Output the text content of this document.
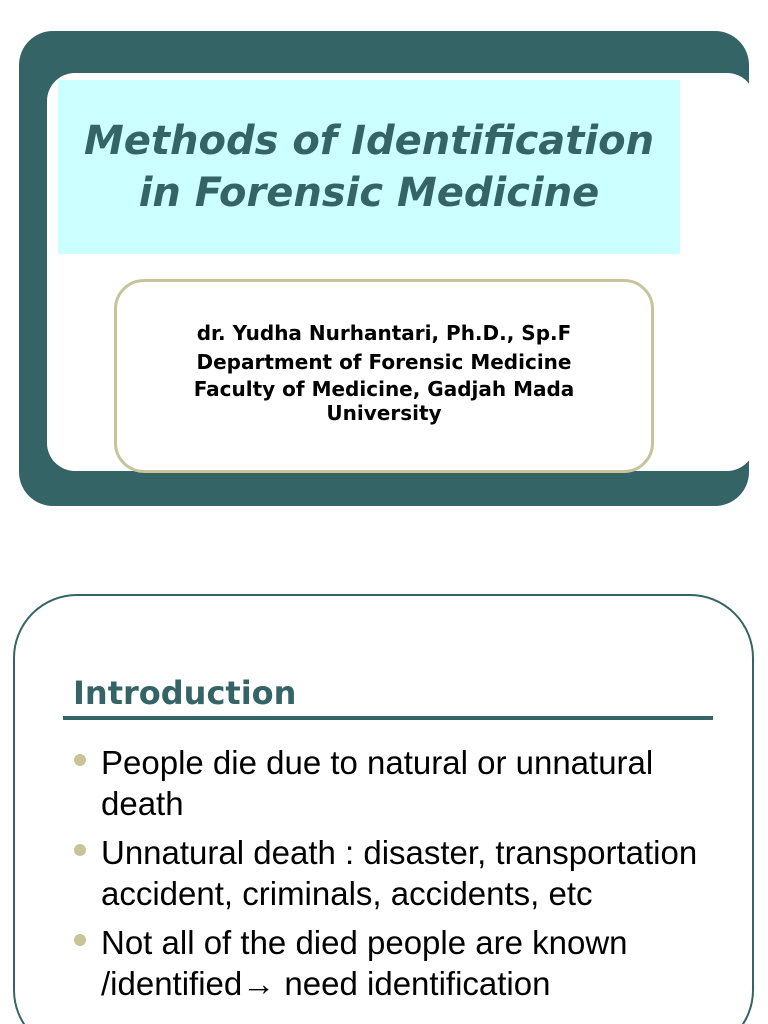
Methods of Identification in Forensic Medicine
dr. Yudha Nurhantari, Ph.D., Sp.F
Department of Forensic Medicine
Faculty of Medicine, Gadjah Mada
University
Introduction
People die due to natural or unnatural death
Unnatural death : disaster, transportation accident, criminals, accidents, etc
Not all of the died people are known /identified→ need identification
